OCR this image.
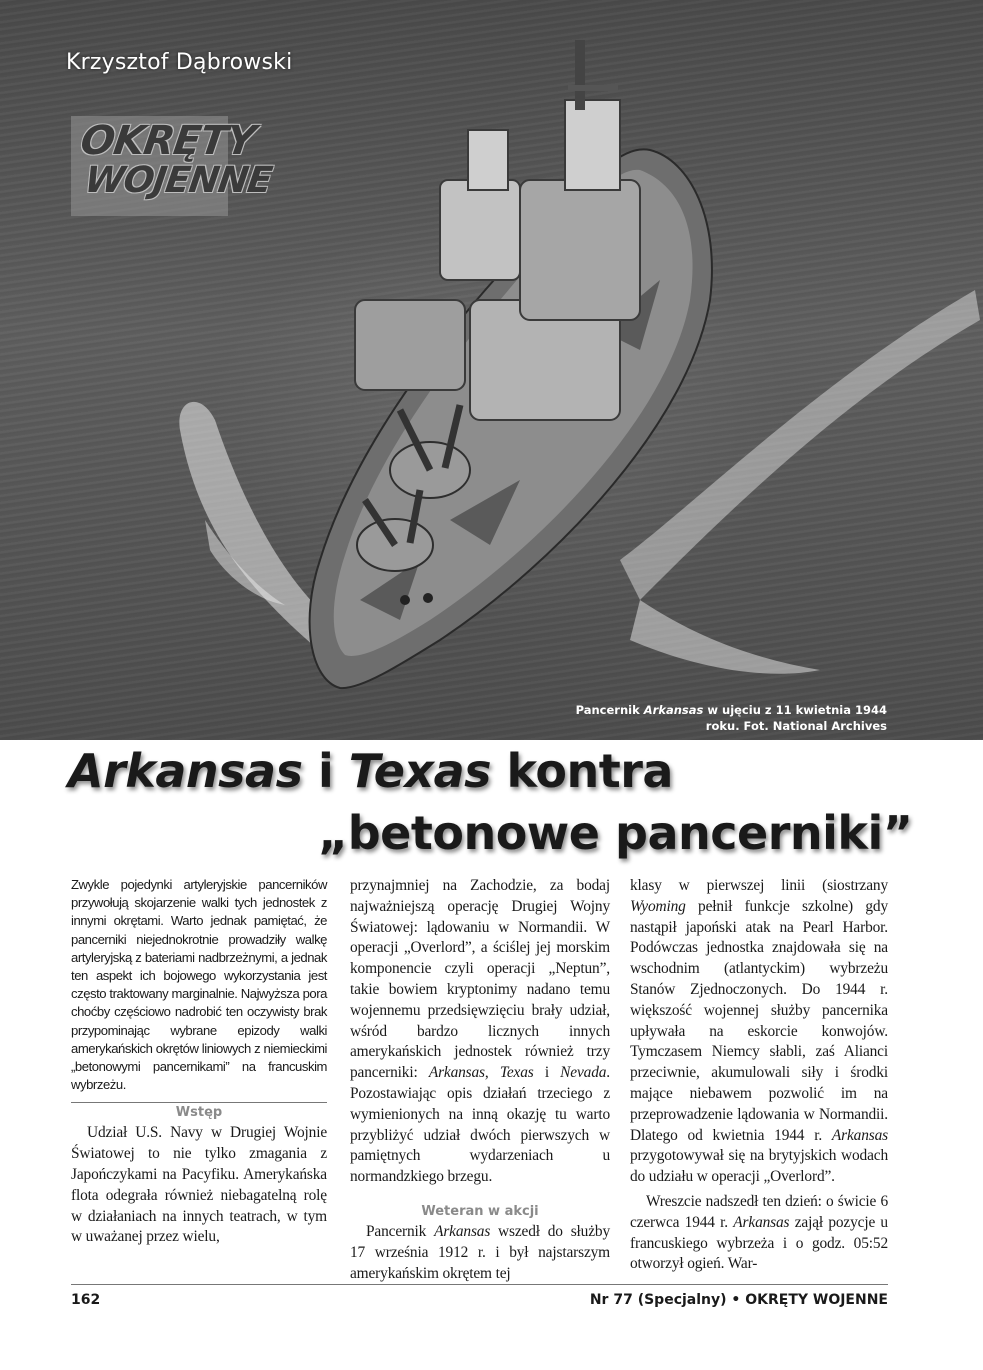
Krzysztof Dąbrowski
OKRĘTY
WOJENNE
Pancernik Arkansas w ujęciu z 11 kwietnia 1944 roku. Fot. National Archives
Arkansas i Texas kontra
„betonowe pancerniki”

Zwykle pojedynki artyleryjskie pancerników przywołują skojarzenie walki tych jednostek z innymi okrętami. Warto jednak pamiętać, że pancerniki niejednokrotnie prowadziły walkę artyleryjską z bateriami nadbrzeżnymi, a jednak ten aspekt ich bojowego wykorzystania jest często traktowany marginalnie. Najwyższa pora choćby częściowo nadrobić ten oczywisty brak przypominając wybrane epizody walki amerykańskich okrętów liniowych z niemieckimi „betonowymi pancernikami” na francuskim wybrzeżu.

Wstęp

Udział U.S. Navy w Drugiej Wojnie Światowej to nie tylko zmagania z Japończykami na Pacyfiku. Amerykańska flota odegrała również niebagatelną rolę w działaniach na innych teatrach, w tym w uważanej przez wielu,

przynajmniej na Zachodzie, za bodaj najważniejszą operację Drugiej Wojny Światowej: lądowaniu w Normandii. W operacji „Overlord”, a ściślej jej morskim komponencie czyli operacji „Neptun”, takie bowiem kryptonimy nadano temu wojennemu przedsięwzięciu brały udział, wśród bardzo licznych innych amerykańskich jednostek również trzy pancerniki: Arkansas, Texas i Nevada. Pozostawiając opis działań trzeciego z wymienionych na inną okazję tu warto przybliżyć udział dwóch pierwszych w pamiętnych wydarzeniach u normandzkiego brzegu.

Weteran w akcji

Pancernik Arkansas wszedł do służby 17 września 1912 r. i był najstarszym amerykańskim okrętem tej

klasy w pierwszej linii (siostrzany Wyoming pełnił funkcje szkolne) gdy nastąpił japoński atak na Pearl Harbor. Podówczas jednostka znajdowała się na wschodnim (atlantyckim) wybrzeżu Stanów Zjednoczonych. Do 1944 r. większość wojennej służby pancernika upływała na eskorcie konwojów. Tymczasem Niemcy słabli, zaś Alianci przeciwnie, akumulowali siły i środki mające niebawem pozwolić im na przeprowadzenie lądowania w Normandii. Dlatego od kwietnia 1944 r. Arkansas przygotowywał się na brytyjskich wodach do udziału w operacji „Overlord”.

Wreszcie nadszedł ten dzień: o świcie 6 czerwca 1944 r. Arkansas zajął pozycje u francuskiego wybrzeża i o godz. 05:52 otworzył ogień. War-

162	Nr 77 (Specjalny) • OKRĘTY WOJENNE
